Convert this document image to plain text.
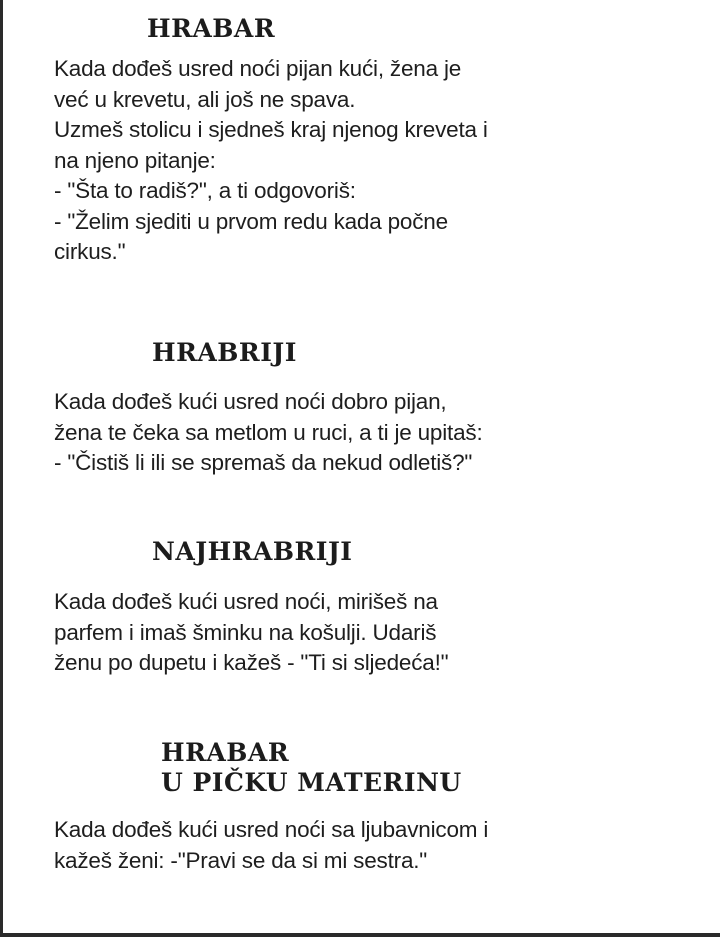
HRABAR
Kada dođeš usred noći pijan kući, žena je
već u krevetu, ali još ne spava.
Uzmeš stolicu i sjedneš kraj njenog kreveta i
na njeno pitanje:
- "Šta to radiš?", a ti odgovoriš:
- "Želim sjediti u prvom redu kada počne
cirkus."
HRABRIJI
Kada dođeš kući usred noći dobro pijan,
žena te čeka sa metlom u ruci, a ti je upitaš:
- "Čistiš li ili se spremaš da nekud odletiš?"
NAJHRABRIJI
Kada dođeš kući usred noći, mirišeš na
parfem i imaš šminku na košulji. Udariš
ženu po dupetu i kažeš - "Ti si sljedeća!"
HRABAR
U PIČKU MATERINU
Kada dođeš kući usred noći sa ljubavnicom i
kažeš ženi: -"Pravi se da si mi sestra."
